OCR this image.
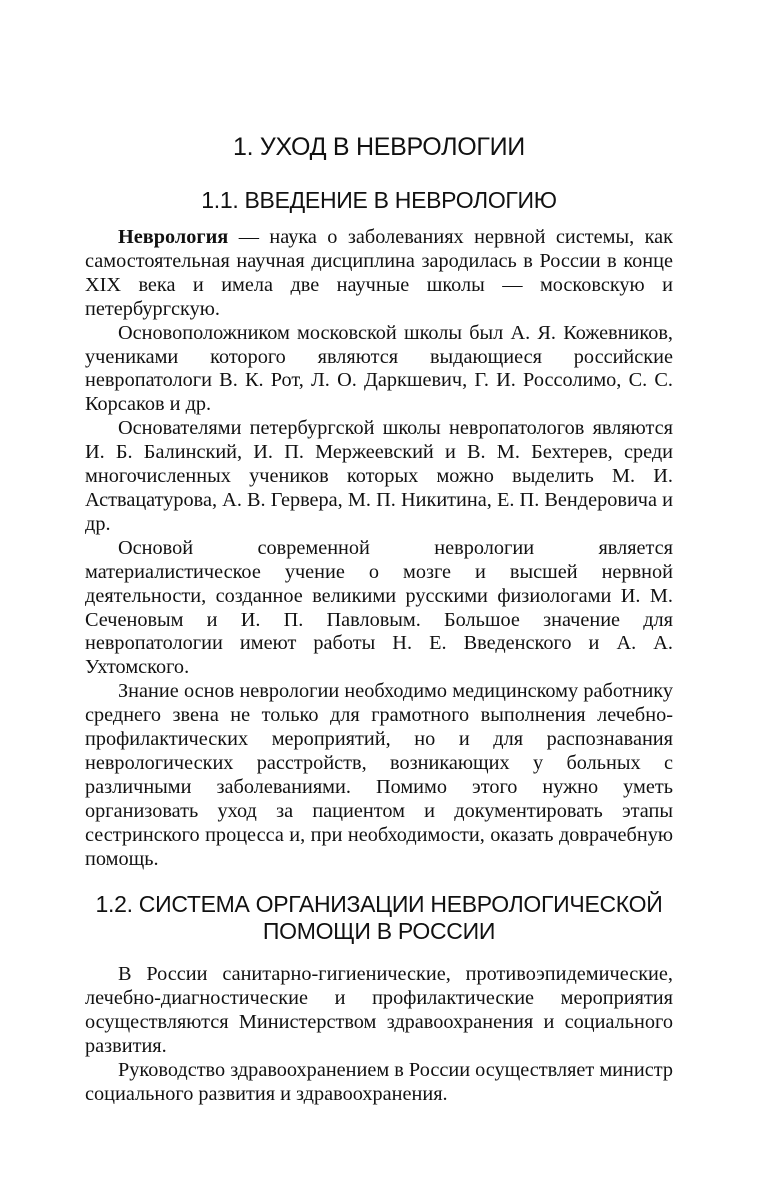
1. УХОД В НЕВРОЛОГИИ
1.1. ВВЕДЕНИЕ В НЕВРОЛОГИЮ

Неврология — наука о заболеваниях нервной системы, как самостоятельная научная дисциплина зародилась в России в конце XIX века и имела две научные школы — московскую и петербургскую.

Основоположником московской школы был А. Я. Кожевников, учениками которого являются выдающиеся российские невропатологи В. К. Рот, Л. О. Даркшевич, Г. И. Россолимо, С. С. Корсаков и др.

Основателями петербургской школы невропатологов являются И. Б. Балинский, И. П. Мержеевский и В. М. Бехтерев, среди многочисленных учеников которых можно выделить М. И. Аствацатурова, А. В. Гервера, М. П. Никитина, Е. П. Вендеровича и др.

Основой современной неврологии является материалистическое учение о мозге и высшей нервной деятельности, созданное великими русскими физиологами И. М. Сеченовым и И. П. Павловым. Большое значение для невропатологии имеют работы Н. Е. Введенского и А. А. Ухтомского.

Знание основ неврологии необходимо медицинскому работнику среднего звена не только для грамотного выполнения лечебно-профилактических мероприятий, но и для распознавания неврологических расстройств, возникающих у больных с различными заболеваниями. Помимо этого нужно уметь организовать уход за пациентом и документировать этапы сестринского процесса и, при необходимости, оказать доврачебную помощь.

1.2. СИСТЕМА ОРГАНИЗАЦИИ НЕВРОЛОГИЧЕСКОЙ
ПОМОЩИ В РОССИИ

В России санитарно-гигиенические, противоэпидемические, лечебно-диагностические и профилактические мероприятия осуществляются Министерством здравоохранения и социального развития.

Руководство здравоохранением в России осуществляет министр социального развития и здравоохранения.
